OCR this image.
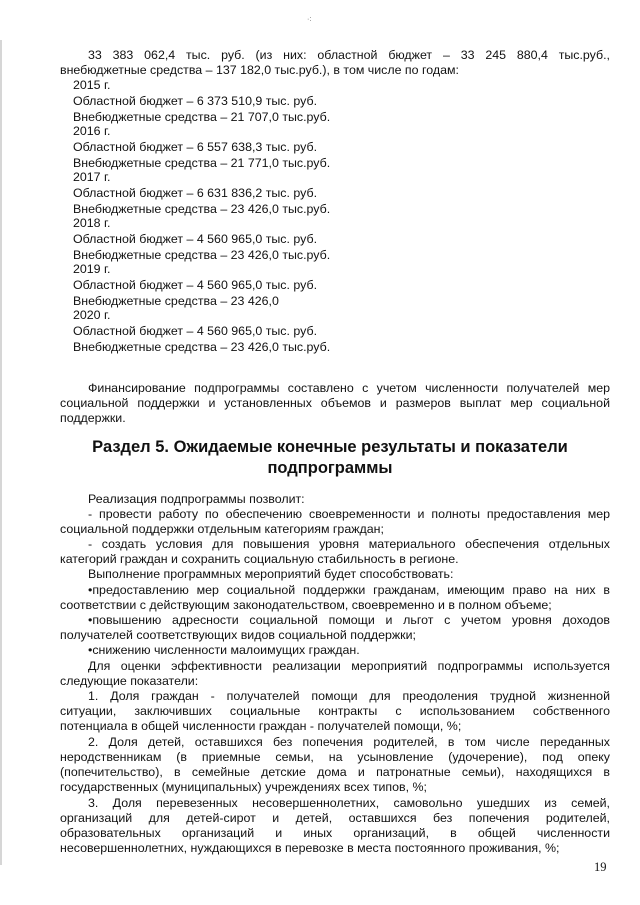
·:
33 383 062,4 тыс. руб. (из них: областной бюджет – 33 245 880,4 тыс.руб.,
внебюджетные средства – 137 182,0 тыс.руб.), в том числе по годам:
2015 г.
Областной бюджет – 6 373 510,9 тыс. руб.
Внебюджетные средства – 21 707,0 тыс.руб.
2016 г.
Областной бюджет – 6 557 638,3 тыс. руб.
Внебюджетные средства – 21 771,0 тыс.руб.
2017 г.
Областной бюджет – 6 631 836,2 тыс. руб.
Внебюджетные средства – 23 426,0 тыс.руб.
2018 г.
Областной бюджет – 4 560 965,0 тыс. руб.
Внебюджетные средства – 23 426,0 тыс.руб.
2019 г.
Областной бюджет – 4 560 965,0 тыс. руб.
Внебюджетные средства – 23 426,0
2020 г.
Областной бюджет – 4 560 965,0 тыс. руб.
Внебюджетные средства – 23 426,0 тыс.руб.
Финансирование подпрограммы составлено с учетом численности получателей мер
социальной поддержки и установленных объемов и размеров выплат мер социальной
поддержки.
Раздел 5. Ожидаемые конечные результаты и показатели
подпрограммы
Реализация подпрограммы позволит:
- провести работу по обеспечению своевременности и полноты предоставления мер
социальной поддержки отдельным категориям граждан;
- создать условия для повышения уровня материального обеспечения отдельных
категорий граждан и сохранить социальную стабильность в регионе.
Выполнение программных мероприятий будет способствовать:
•предоставлению мер социальной поддержки гражданам, имеющим право на них в
соответствии с действующим законодательством, своевременно и в полном объеме;
•повышению адресности социальной помощи и льгот с учетом уровня доходов
получателей соответствующих видов социальной поддержки;
•снижению численности малоимущих граждан.
Для оценки эффективности реализации мероприятий подпрограммы используется
следующие показатели:
1. Доля граждан - получателей помощи для преодоления трудной жизненной
ситуации, заключивших социальные контракты с использованием собственного
потенциала в общей численности граждан - получателей помощи, %;
2. Доля детей, оставшихся без попечения родителей, в том числе переданных
неродственникам (в приемные семьи, на усыновление (удочерение), под опеку
(попечительство), в семейные детские дома и патронатные семьи), находящихся в
государственных (муниципальных) учреждениях всех типов, %;
3. Доля перевезенных несовершеннолетних, самовольно ушедших из семей,
организаций для детей-сирот и детей, оставшихся без попечения родителей,
образовательных организаций и иных организаций, в общей численности
несовершеннолетних, нуждающихся в перевозке в места постоянного проживания, %;
19
